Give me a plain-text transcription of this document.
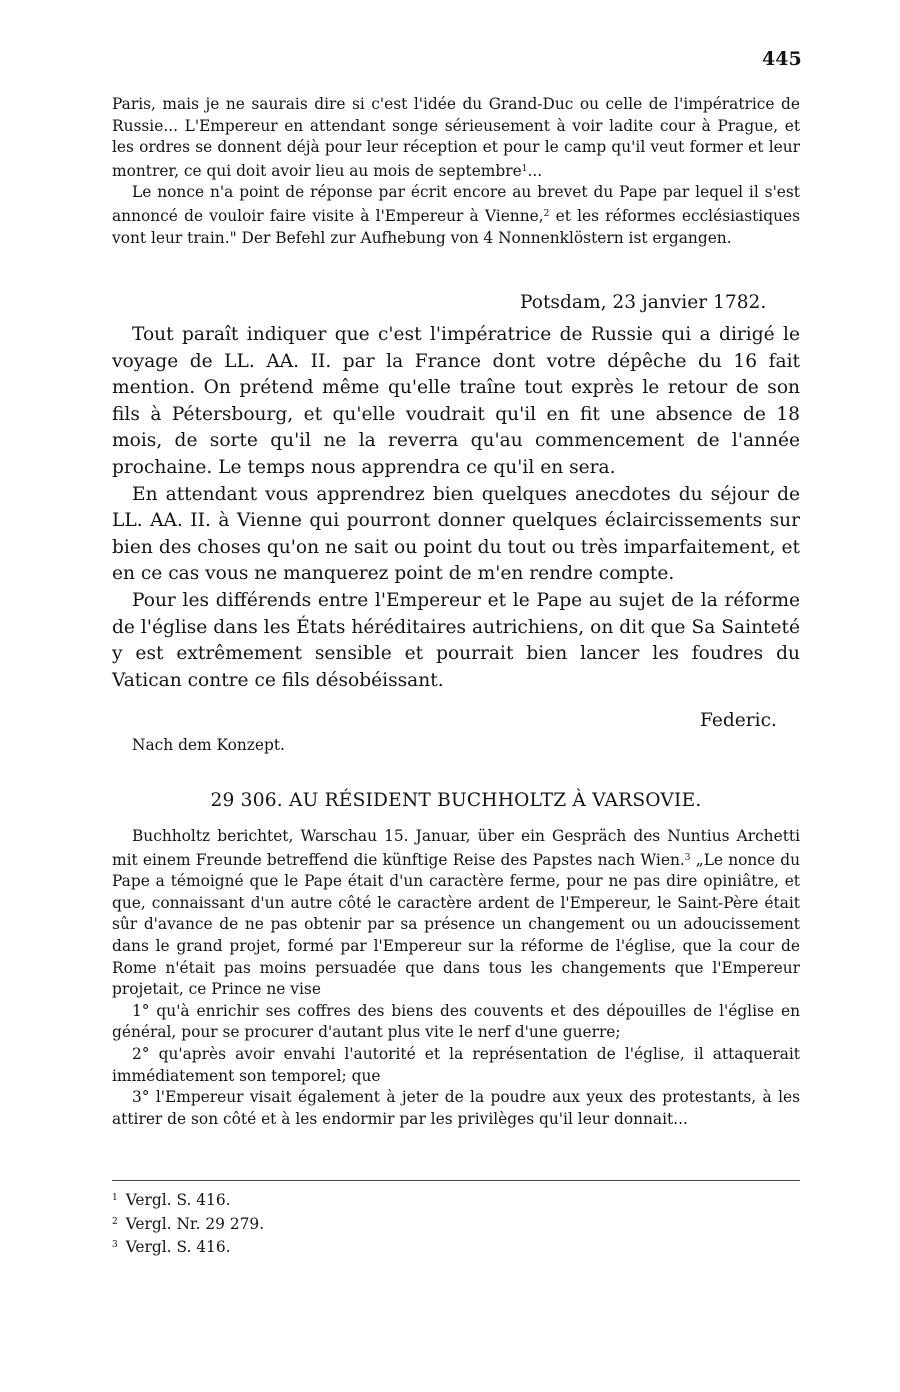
445

Paris, mais je ne saurais dire si c'est l'idée du Grand-Duc ou celle de l'impératrice de Russie... L'Empereur en attendant songe sérieusement à voir ladite cour à Prague, et les ordres se donnent déjà pour leur réception et pour le camp qu'il veut former et leur montrer, ce qui doit avoir lieu au mois de septembre$^1$...

Le nonce n'a point de réponse par écrit encore au brevet du Pape par lequel il s'est annoncé de vouloir faire visite à l'Empereur à Vienne,$^2$ et les réformes ecclésiastiques vont leur train." Der Befehl zur Aufhebung von 4 Nonnenklöstern ist ergangen.

Potsdam, 23 janvier 1782.

Tout paraît indiquer que c'est l'impératrice de Russie qui a dirigé le voyage de LL. AA. II. par la France dont votre dépêche du 16 fait mention. On prétend même qu'elle traîne tout exprès le retour de son fils à Pétersbourg, et qu'elle voudrait qu'il en fit une absence de 18 mois, de sorte qu'il ne la reverra qu'au commencement de l'année prochaine. Le temps nous apprendra ce qu'il en sera.

En attendant vous apprendrez bien quelques anecdotes du séjour de LL. AA. II. à Vienne qui pourront donner quelques éclaircissements sur bien des choses qu'on ne sait ou point du tout ou très imparfaitement, et en ce cas vous ne manquerez point de m'en rendre compte.

Pour les différends entre l'Empereur et le Pape au sujet de la réforme de l'église dans les États héréditaires autrichiens, on dit que Sa Sainteté y est extrêmement sensible et pourrait bien lancer les foudres du Vatican contre ce fils désobéissant.

Federic.
Nach dem Konzept.
29 306. AU RÉSIDENT BUCHHOLTZ À VARSOVIE.

Buchholtz berichtet, Warschau 15. Januar, über ein Gespräch des Nuntius Archetti mit einem Freunde betreffend die künftige Reise des Papstes nach Wien.$^3$ „Le nonce du Pape a témoigné que le Pape était d'un caractère ferme, pour ne pas dire opiniâtre, et que, connaissant d'un autre côté le caractère ardent de l'Empereur, le Saint-Père était sûr d'avance de ne pas obtenir par sa présence un changement ou un adoucissement dans le grand projet, formé par l'Empereur sur la réforme de l'église, que la cour de Rome n'était pas moins persuadée que dans tous les changements que l'Empereur projetait, ce Prince ne vise

1° qu'à enrichir ses coffres des biens des couvents et des dépouilles de l'église en général, pour se procurer d'autant plus vite le nerf d'une guerre;

2° qu'après avoir envahi l'autorité et la représentation de l'église, il attaquerait immédiatement son temporel; que

3° l'Empereur visait également à jeter de la poudre aux yeux des protestants, à les attirer de son côté et à les endormir par les privilèges qu'il leur donnait...

$^1$ Vergl. S. 416.
$^2$ Vergl. Nr. 29 279.
$^3$ Vergl. S. 416.
